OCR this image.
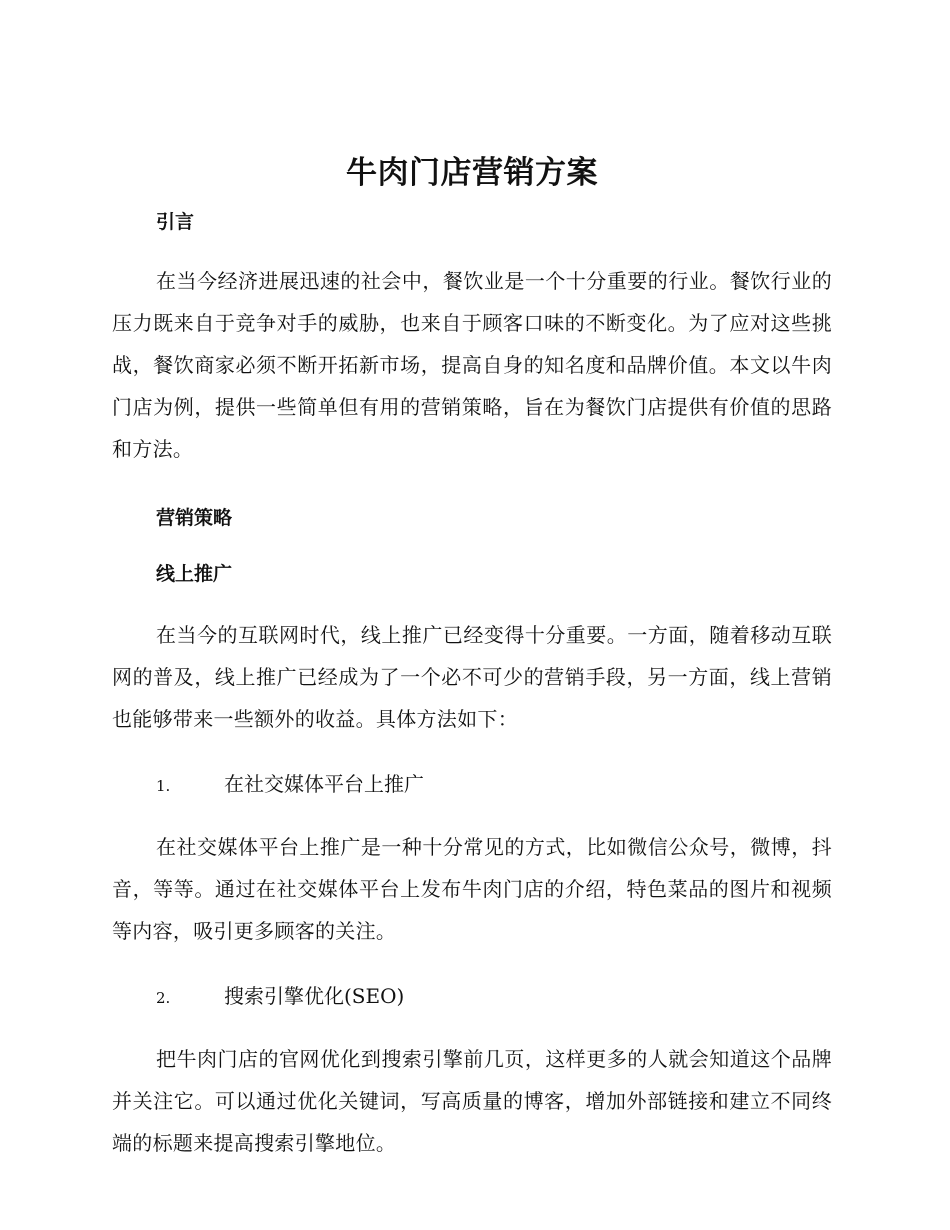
牛肉门店营销方案
引言

在当今经济进展迅速的社会中，餐饮业是一个十分重要的行业。餐饮行业的压力既来自于竞争对手的威胁，也来自于顾客口味的不断变化。为了应对这些挑战，餐饮商家必须不断开拓新市场，提高自身的知名度和品牌价值。本文以牛肉门店为例，提供一些简单但有用的营销策略，旨在为餐饮门店提供有价值的思路和方法。

营销策略
线上推广

在当今的互联网时代，线上推广已经变得十分重要。一方面，随着移动互联网的普及，线上推广已经成为了一个必不可少的营销手段，另一方面，线上营销也能够带来一些额外的收益。具体方法如下：

1.	在社交媒体平台上推广

在社交媒体平台上推广是一种十分常见的方式，比如微信公众号，微博，抖音，等等。通过在社交媒体平台上发布牛肉门店的介绍，特色菜品的图片和视频等内容，吸引更多顾客的关注。

2.	搜索引擎优化(SEO)

把牛肉门店的官网优化到搜索引擎前几页，这样更多的人就会知道这个品牌并关注它。可以通过优化关键词，写高质量的博客，增加外部链接和建立不同终端的标题来提高搜索引擎地位。
